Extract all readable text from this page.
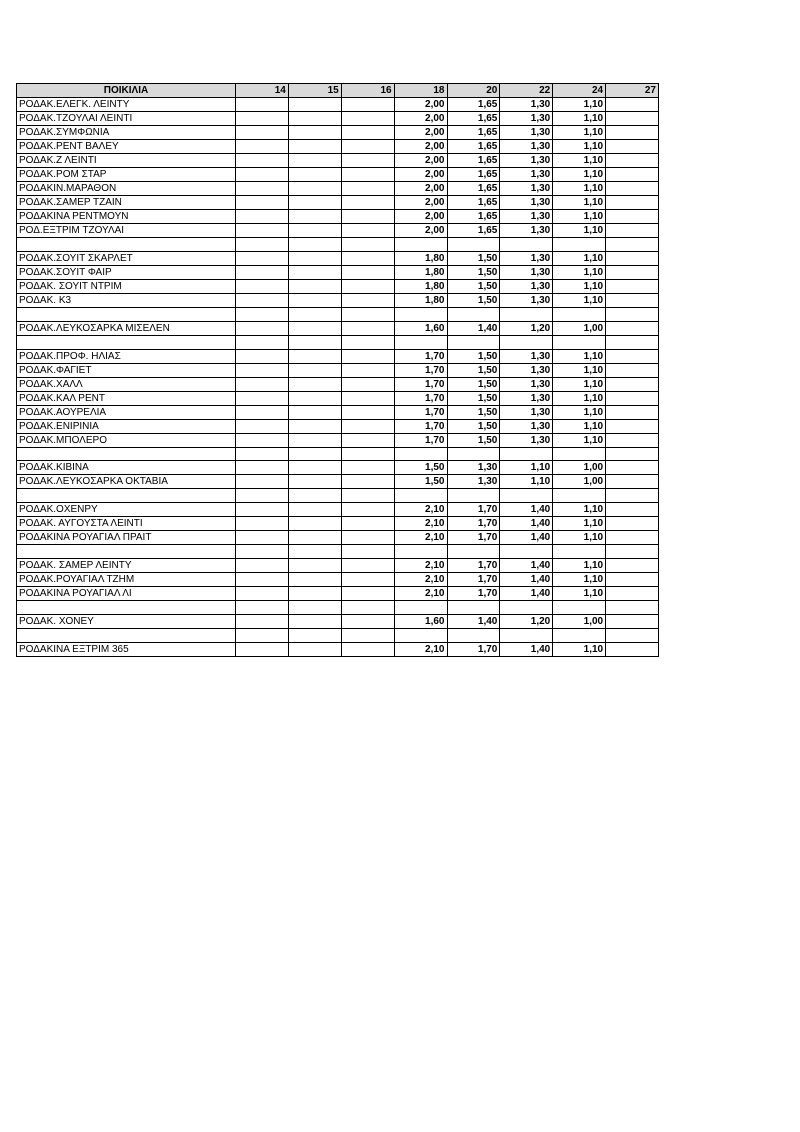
ΠΟΙΚΙΛΙΑ	14	15	16	18	20	22	24	27
ΡΟΔΑΚ.ΕΛΕΓΚ. ΛΕΙΝΤΥ				2,00	1,65	1,30	1,10	
ΡΟΔΑΚ.ΤΖΟΥΛΑΙ ΛΕΙΝΤΙ				2,00	1,65	1,30	1,10	
ΡΟΔΑΚ.ΣΥΜΦΩΝΙΑ				2,00	1,65	1,30	1,10	
ΡΟΔΑΚ.ΡΕΝΤ ΒΑΛΕΥ				2,00	1,65	1,30	1,10	
ΡΟΔΑΚ.Ζ ΛΕΙΝΤΙ				2,00	1,65	1,30	1,10	
ΡΟΔΑΚ.ΡΟΜ ΣΤΑΡ				2,00	1,65	1,30	1,10	
ΡΟΔΑΚΙΝ.ΜΑΡΑΘΟΝ				2,00	1,65	1,30	1,10	
ΡΟΔΑΚ.ΣΑΜΕΡ ΤΖΑΙΝ				2,00	1,65	1,30	1,10	
ΡΟΔΑΚΙΝΑ ΡΕΝΤΜΟΥΝ				2,00	1,65	1,30	1,10	
ΡΟΔ.ΕΞΤΡΙΜ ΤΖΟΥΛΑΙ				2,00	1,65	1,30	1,10	

ΡΟΔΑΚ.ΣΟΥΙΤ ΣΚΑΡΛΕΤ				1,80	1,50	1,30	1,10	
ΡΟΔΑΚ.ΣΟΥΙΤ ΦΑΙΡ				1,80	1,50	1,30	1,10	
ΡΟΔΑΚ. ΣΟΥΙΤ ΝΤΡΙΜ				1,80	1,50	1,30	1,10	
ΡΟΔΑΚ. Κ3				1,80	1,50	1,30	1,10	

ΡΟΔΑΚ.ΛΕΥΚΟΣΑΡΚΑ ΜΙΣΕΛΕΝ				1,60	1,40	1,20	1,00	

ΡΟΔΑΚ.ΠΡΟΦ. ΗΛΙΑΣ				1,70	1,50	1,30	1,10	
ΡΟΔΑΚ.ΦΑΓΙΕΤ				1,70	1,50	1,30	1,10	
ΡΟΔΑΚ.ΧΑΛΛ				1,70	1,50	1,30	1,10	
ΡΟΔΑΚ.ΚΑΛ ΡΕΝΤ				1,70	1,50	1,30	1,10	
ΡΟΔΑΚ.ΑΟΥΡΕΛΙΑ				1,70	1,50	1,30	1,10	
ΡΟΔΑΚ.ΕΝΙΡΙΝΙΑ				1,70	1,50	1,30	1,10	
ΡΟΔΑΚ.ΜΠΟΛΕΡΟ				1,70	1,50	1,30	1,10	

ΡΟΔΑΚ.ΚΙΒΙΝΑ				1,50	1,30	1,10	1,00	
ΡΟΔΑΚ.ΛΕΥΚΟΣΑΡΚΑ ΟΚΤΑΒΙΑ				1,50	1,30	1,10	1,00	

ΡΟΔΑΚ.ΟΧΕΝΡΥ				2,10	1,70	1,40	1,10	
ΡΟΔΑΚ. ΑΥΓΟΥΣΤΑ ΛΕΙΝΤΙ				2,10	1,70	1,40	1,10	
ΡΟΔΑΚΙΝΑ ΡΟΥΑΓΙΑΛ ΠΡΑΙΤ				2,10	1,70	1,40	1,10	

ΡΟΔΑΚ. ΣΑΜΕΡ ΛΕΙΝΤΥ				2,10	1,70	1,40	1,10	
ΡΟΔΑΚ.ΡΟΥΑΓΙΑΛ ΤΖΗΜ				2,10	1,70	1,40	1,10	
ΡΟΔΑΚΙΝΑ ΡΟΥΑΓΙΑΛ ΛΙ				2,10	1,70	1,40	1,10	

ΡΟΔΑΚ. ΧΟΝΕΥ				1,60	1,40	1,20	1,00	

ΡΟΔΑΚΙΝΑ ΕΞΤΡΙΜ 365				2,10	1,70	1,40	1,10	
